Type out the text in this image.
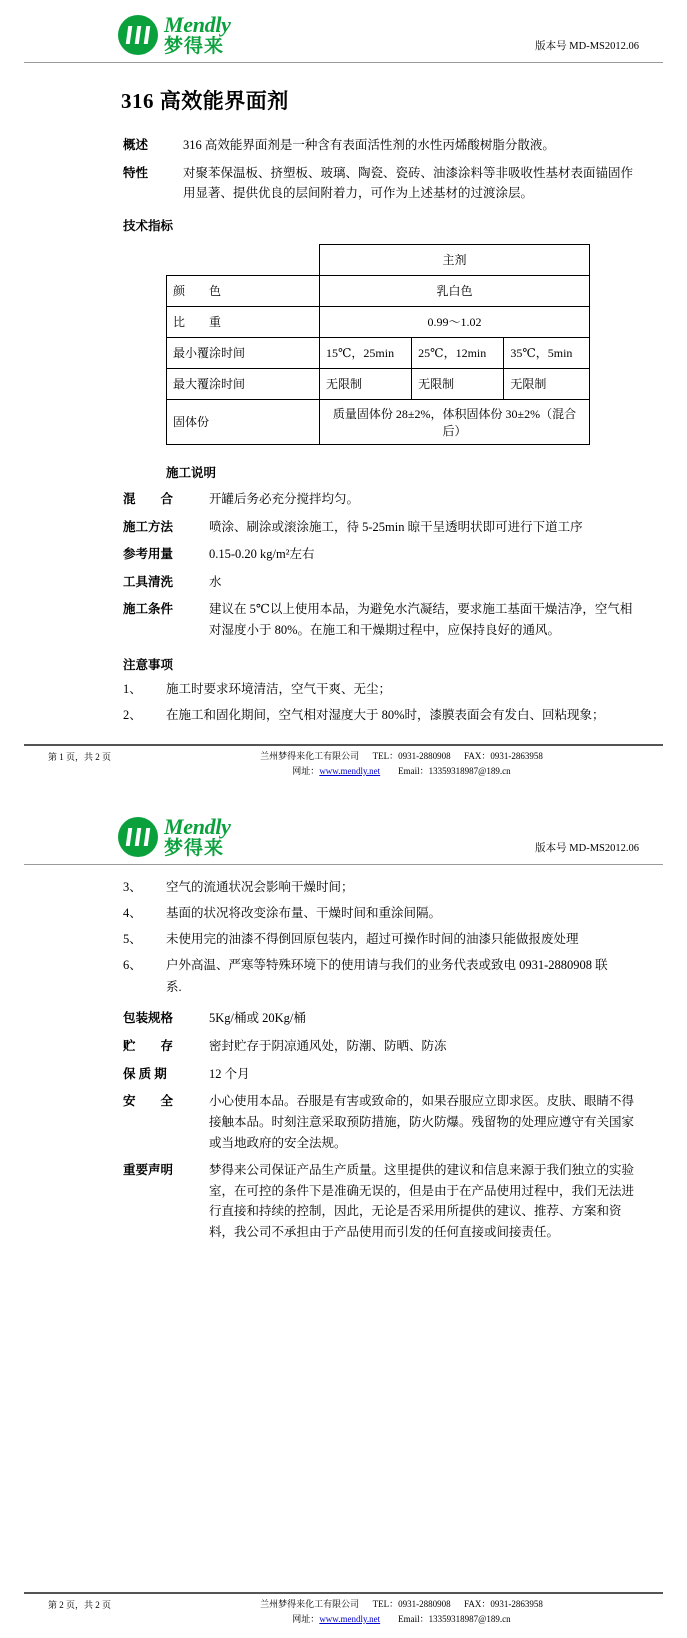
Mendly
梦得来	版本号 MD-MS2012.06
316 高效能界面剂
概述	316 高效能界面剂是一种含有表面活性剂的水性丙烯酸树脂分散液。
特性	对聚苯保温板、挤塑板、玻璃、陶瓷、瓷砖、油漆涂料等非吸收性基材表面锚固作用显著、提供优良的层间附着力，可作为上述基材的过渡涂层。
技术指标
	主剂		
颜　　色	乳白色		
比　　重	0.99～1.02		
最小覆涂时间	15℃，25min	25℃，12min	35℃，5min
最大覆涂时间	无限制	无限制	无限制
固体份	质量固体份 28±2%，体积固体份 30±2%（混合后）		
施工说明
混　　合	开罐后务必充分搅拌均匀。
施工方法	喷涂、刷涂或滚涂施工，待 5-25min 晾干呈透明状即可进行下道工序
参考用量	0.15-0.20 kg/m²左右
工具清洗	水
施工条件	建议在 5℃以上使用本品，为避免水汽凝结，要求施工基面干燥洁净，空气相对湿度小于 80%。在施工和干燥期过程中，应保持良好的通风。
注意事项
1、	施工时要求环境清洁，空气干爽、无尘；
2、	在施工和固化期间，空气相对湿度大于 80%时，漆膜表面会有发白、回粘现象；
第 1 页，共 2 页	兰州梦得来化工有限公司 TEL：0931-2880908 FAX：0931-2863958
网址：www.mendly.net Email：13359318987@189.cn
Mendly
梦得来	版本号 MD-MS2012.06
3、	空气的流通状况会影响干燥时间；
4、	基面的状况将改变涂布量、干燥时间和重涂间隔。
5、	未使用完的油漆不得倒回原包装内，超过可操作时间的油漆只能做报废处理
6、	户外高温、严寒等特殊环境下的使用请与我们的业务代表或致电 0931-2880908 联系.
包装规格	5Kg/桶或 20Kg/桶
贮　　存	密封贮存于阴凉通风处，防潮、防晒、防冻
保 质 期	12 个月
安　　全	小心使用本品。吞服是有害或致命的，如果吞服应立即求医。皮肤、眼睛不得接触本品。时刻注意采取预防措施，防火防爆。残留物的处理应遵守有关国家或当地政府的安全法规。
重要声明	梦得来公司保证产品生产质量。这里提供的建议和信息来源于我们独立的实验室，在可控的条件下是准确无误的，但是由于在产品使用过程中，我们无法进行直接和持续的控制，因此，无论是否采用所提供的建议、推荐、方案和资料，我公司不承担由于产品使用而引发的任何直接或间接责任。
第 2 页，共 2 页	兰州梦得来化工有限公司 TEL：0931-2880908 FAX：0931-2863958
网址：www.mendly.net Email：13359318987@189.cn
